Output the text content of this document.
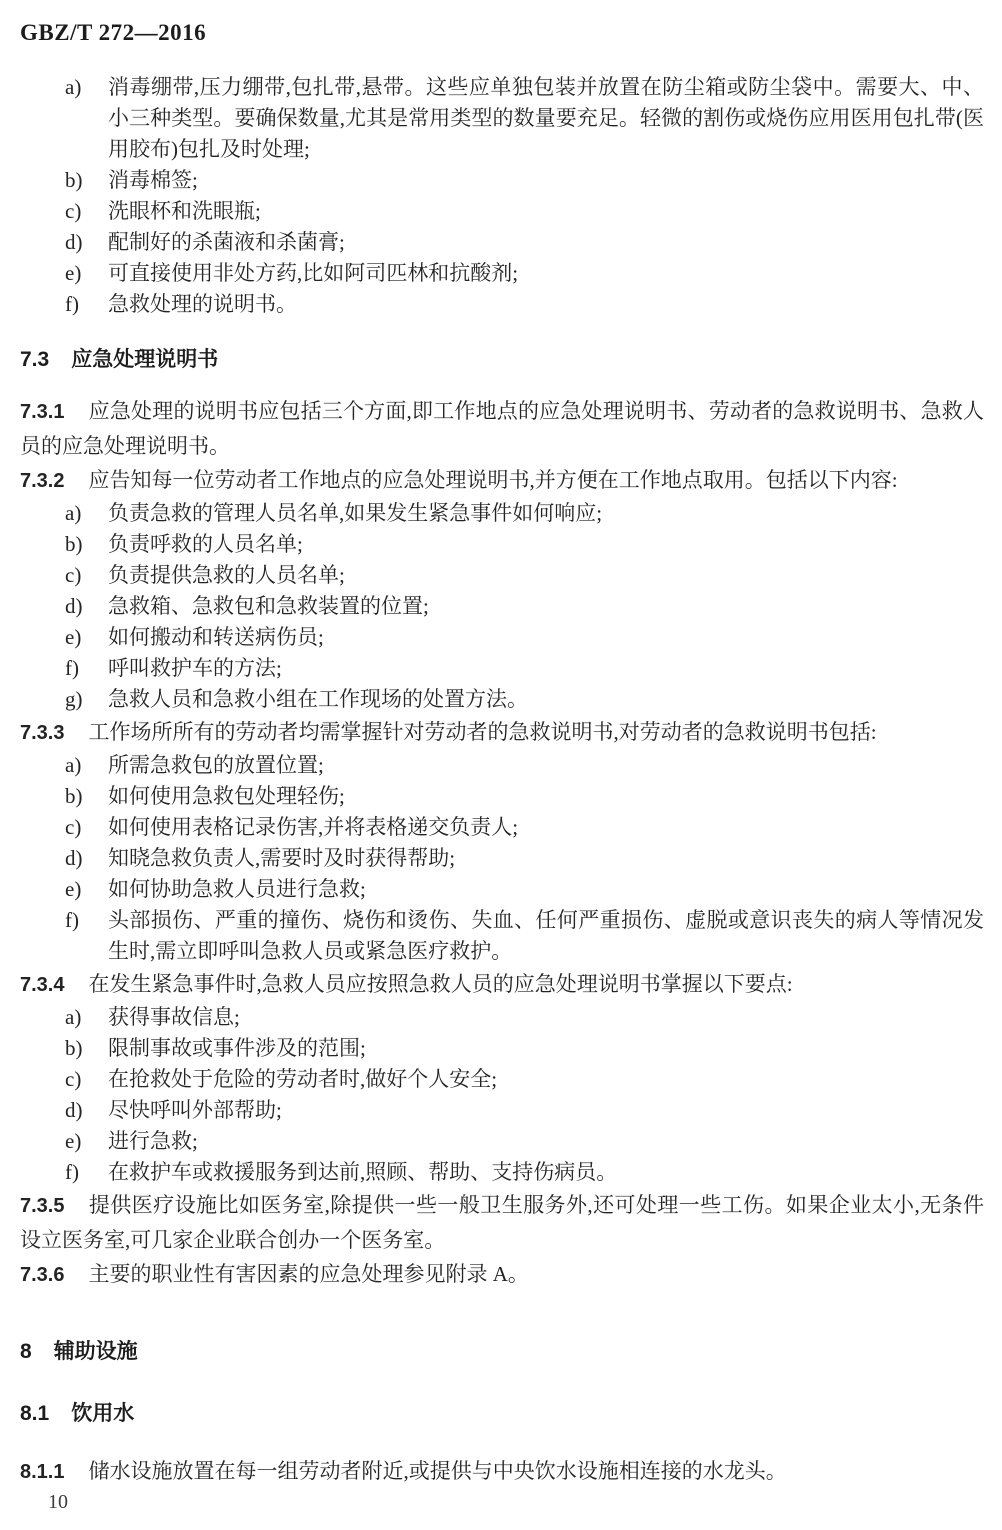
GBZ/T 272—2016
a)	消毒绷带,压力绷带,包扎带,悬带。这些应单独包装并放置在防尘箱或防尘袋中。需要大、中、小三种类型。要确保数量,尤其是常用类型的数量要充足。轻微的割伤或烧伤应用医用包扎带(医用胶布)包扎及时处理;
b)	消毒棉签;
c)	洗眼杯和洗眼瓶;
d)	配制好的杀菌液和杀菌膏;
e)	可直接使用非处方药,比如阿司匹林和抗酸剂;
f)	急救处理的说明书。
7.3 应急处理说明书

7.3.1 应急处理的说明书应包括三个方面,即工作地点的应急处理说明书、劳动者的急救说明书、急救人员的应急处理说明书。

7.3.2 应告知每一位劳动者工作地点的应急处理说明书,并方便在工作地点取用。包括以下内容:

a)	负责急救的管理人员名单,如果发生紧急事件如何响应;
b)	负责呼救的人员名单;
c)	负责提供急救的人员名单;
d)	急救箱、急救包和急救装置的位置;
e)	如何搬动和转送病伤员;
f)	呼叫救护车的方法;
g)	急救人员和急救小组在工作现场的处置方法。

7.3.3 工作场所所有的劳动者均需掌握针对劳动者的急救说明书,对劳动者的急救说明书包括:

a)	所需急救包的放置位置;
b)	如何使用急救包处理轻伤;
c)	如何使用表格记录伤害,并将表格递交负责人;
d)	知晓急救负责人,需要时及时获得帮助;
e)	如何协助急救人员进行急救;
f)	头部损伤、严重的撞伤、烧伤和烫伤、失血、任何严重损伤、虚脱或意识丧失的病人等情况发生时,需立即呼叫急救人员或紧急医疗救护。

7.3.4 在发生紧急事件时,急救人员应按照急救人员的应急处理说明书掌握以下要点:

a)	获得事故信息;
b)	限制事故或事件涉及的范围;
c)	在抢救处于危险的劳动者时,做好个人安全;
d)	尽快呼叫外部帮助;
e)	进行急救;
f)	在救护车或救援服务到达前,照顾、帮助、支持伤病员。

7.3.5 提供医疗设施比如医务室,除提供一些一般卫生服务外,还可处理一些工伤。如果企业太小,无条件设立医务室,可几家企业联合创办一个医务室。

7.3.6 主要的职业性有害因素的应急处理参见附录 A。

8 辅助设施
8.1 饮用水

8.1.1 储水设施放置在每一组劳动者附近,或提供与中央饮水设施相连接的水龙头。

10
